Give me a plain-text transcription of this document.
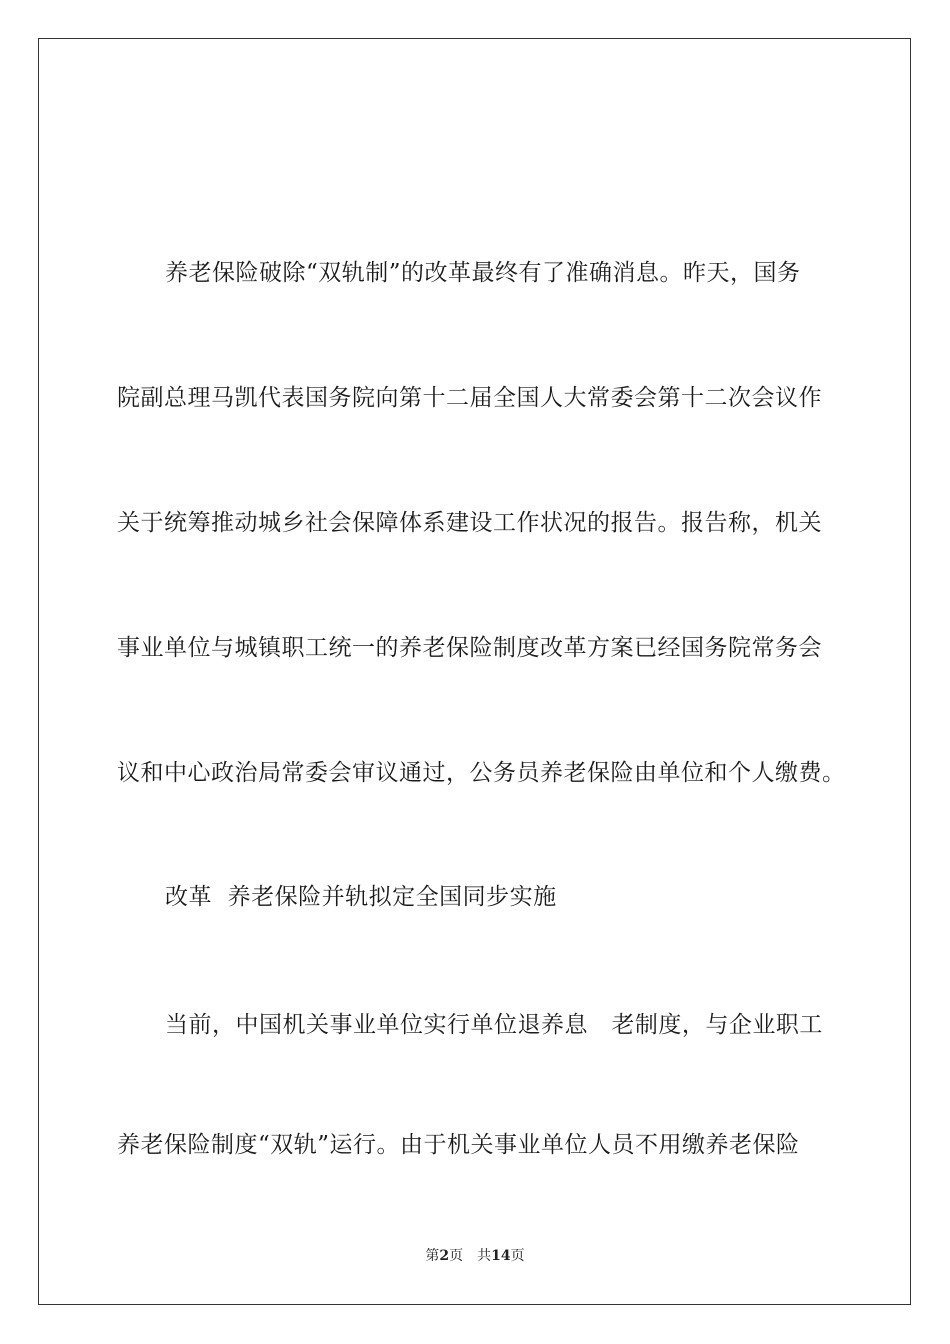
养老保险破除“双轨制”的改革最终有了准确消息。昨天，国务
院副总理马凯代表国务院向第十二届全国人大常委会第十二次会议作
关于统筹推动城乡社会保障体系建设工作状况的报告。报告称，机关
事业单位与城镇职工统一的养老保险制度改革方案已经国务院常务会
议和中心政治局常委会审议通过，公务员养老保险由单位和个人缴费。
改革  养老保险并轨拟定全国同步实施
当前，中国机关事业单位实行单位退养息   老制度，与企业职工
养老保险制度“双轨”运行。由于机关事业单位人员不用缴养老保险
第2页 共14页
